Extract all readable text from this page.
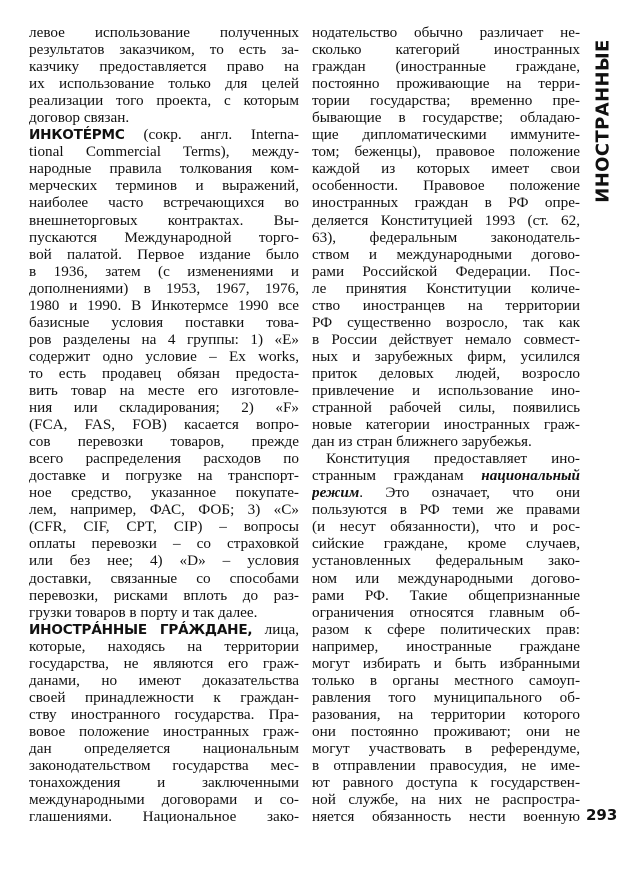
левое использование полученных
результатов заказчиком, то есть за-
казчику предоставляется право на
их использование только для целей
реализации того проекта, с которым
договор связан.
ИНКОТЕ́РМС (сокр. англ. Interna-
tional Commercial Terms), между-
народные правила толкования ком-
мерческих терминов и выражений,
наиболее часто встречающихся во
внешнеторговых контрактах. Вы-
пускаются Международной торго-
вой палатой. Первое издание было
в 1936, затем (с изменениями и
дополнениями) в 1953, 1967, 1976,
1980 и 1990. В Инкотермсе 1990 все
базисные условия поставки това-
ров разделены на 4 группы: 1) «Е»
содержит одно условие – Ex works,
то есть продавец обязан предоста-
вить товар на месте его изготовле-
ния или складирования; 2) «F»
(FCA, FAS, FOB) касается вопро-
сов перевозки товаров, прежде
всего распределения расходов по
доставке и погрузке на транспорт-
ное средство, указанное покупате-
лем, например, ФАС, ФОБ; 3) «С»
(CFR, CIF, CPT, CIP) – вопросы
оплаты перевозки – со страховкой
или без нее; 4) «D» – условия
доставки, связанные со способами
перевозки, рисками вплоть до раз-
грузки товаров в порту и так далее.
ИНОСТРА́ННЫЕ ГРА́ЖДАНЕ, лица,
которые, находясь на территории
государства, не являются его граж-
данами, но имеют доказательства
своей принадлежности к граждан-
ству иностранного государства. Пра-
вовое положение иностранных граж-
дан определяется национальным
законодательством государства мес-
тонахождения и заключенными
международными договорами и со-
глашениями. Национальное зако-
нодательство обычно различает не-
сколько категорий иностранных
граждан (иностранные граждане,
постоянно проживающие на терри-
тории государства; временно пре-
бывающие в государстве; обладаю-
щие дипломатическими иммуните-
том; беженцы), правовое положение
каждой из которых имеет свои
особенности. Правовое положение
иностранных граждан в РФ опре-
деляется Конституцией 1993 (ст. 62,
63), федеральным законодатель-
ством и международными догово-
рами Российской Федерации. Пос-
ле принятия Конституции количе-
ство иностранцев на территории
РФ существенно возросло, так как
в России действует немало совмест-
ных и зарубежных фирм, усилился
приток деловых людей, возросло
привлечение и использование ино-
странной рабочей силы, появились
новые категории иностранных граж-
дан из стран ближнего зарубежья.
Конституция предоставляет ино-
странным гражданам национальный
режим. Это означает, что они
пользуются в РФ теми же правами
(и несут обязанности), что и рос-
сийские граждане, кроме случаев,
установленных федеральным зако-
ном или международными догово-
рами РФ. Такие общепризнанные
ограничения относятся главным об-
разом к сфере политических прав:
например, иностранные граждане
могут избирать и быть избранными
только в органы местного самоуп-
равления того муниципального об-
разования, на территории которого
они постоянно проживают; они не
могут участвовать в референдуме,
в отправлении правосудия, не име-
ют равного доступа к государствен-
ной службе, на них не распростра-
няется обязанность нести военную
ИНОСТРАННЫЕ
293
